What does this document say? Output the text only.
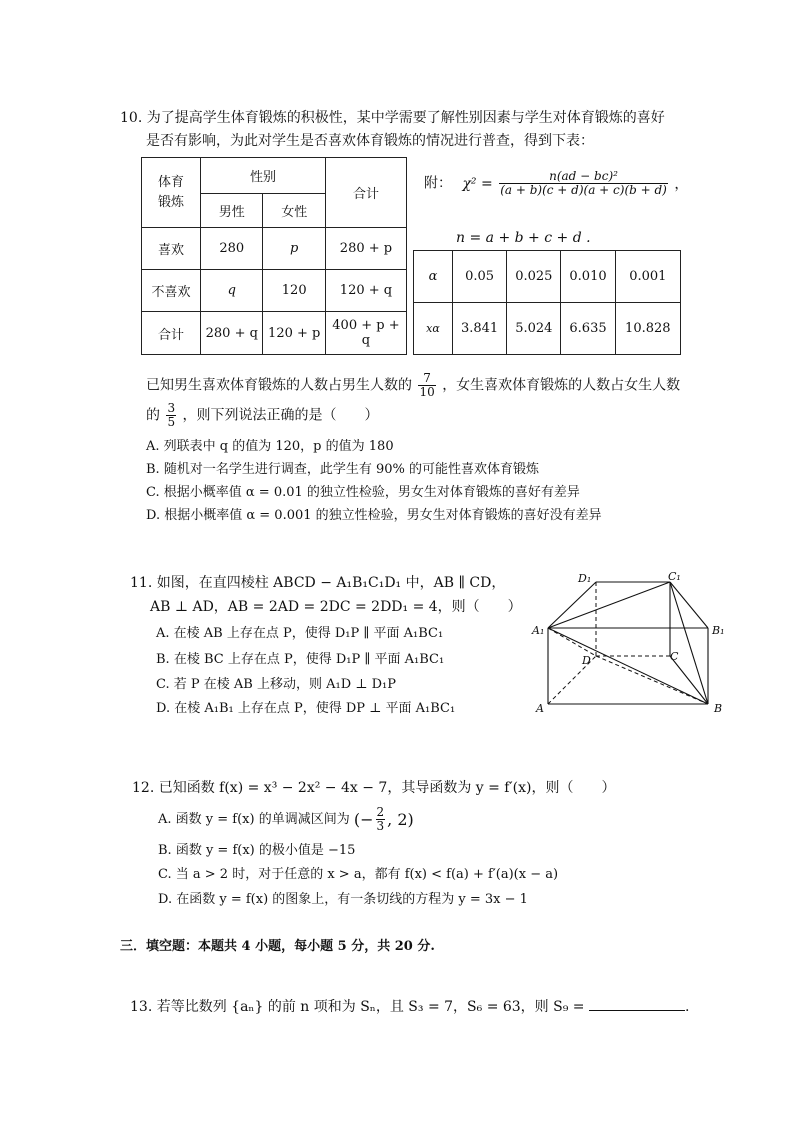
10. 为了提高学生体育锻炼的积极性，某中学需要了解性别因素与学生对体育锻炼的喜好
是否有影响，为此对学生是否喜欢体育锻炼的情况进行普查，得到下表：
体育锻炼	性别		合计
	男性	女性	
喜欢	280	p	280 + p
不喜欢	q	120	120 + q
合计	280 + q	120 + p	400 + p + q
附： $\chi^2 = \frac{\text{n(ad − bc)²}}{(a + b)(c + d)(a + c)(b + d)}$ ，
n = a + b + c + d .
α	0.05	0.025	0.010	0.001
xα	3.841	5.024	6.635	10.828
已知男生喜欢体育锻炼的人数占男生人数的 $\frac{7}{10}$ ，女生喜欢体育锻炼的人数占女生人数
的 $\frac{3}{5}$ ，则下列说法正确的是（　　）
A. 列联表中 q 的值为 120，p 的值为 180
B. 随机对一名学生进行调查，此学生有 90% 的可能性喜欢体育锻炼
C. 根据小概率值 α = 0.01 的独立性检验，男女生对体育锻炼的喜好有差异
D. 根据小概率值 α = 0.001 的独立性检验，男女生对体育锻炼的喜好没有差异
11. 如图，在直四棱柱 ABCD − A₁B₁C₁D₁ 中，AB ∥ CD，
AB ⊥ AD，AB = 2AD = 2DC = 2DD₁ = 4，则（　　）
A. 在棱 AB 上存在点 P，使得 D₁P ∥ 平面 A₁BC₁
B. 在棱 BC 上存在点 P，使得 D₁P ∥ 平面 A₁BC₁
C. 若 P 在棱 AB 上移动，则 A₁D ⊥ D₁P
D. 在棱 A₁B₁ 上存在点 P，使得 DP ⊥ 平面 A₁BC₁
D₁	C₁
A₁	B₁
D	C
A	B
12. 已知函数 f(x) = x³ − 2x² − 4x − 7，其导函数为 y = f′(x)，则（　　）
A. 函数 y = f(x) 的单调减区间为 (− $\frac{2}{3}$ , 2)
B. 函数 y = f(x) 的极小值是 −15
C. 当 a > 2 时，对于任意的 x > a，都有 f(x) < f(a) + f′(a)(x − a)
D. 在函数 y = f(x) 的图象上，有一条切线的方程为 y = 3x − 1
三．填空题：本题共 4 小题，每小题 5 分，共 20 分.
13. 若等比数列 {aₙ} 的前 n 项和为 Sₙ，且 S₃ = 7，S₆ = 63，则 S₉ =	.
